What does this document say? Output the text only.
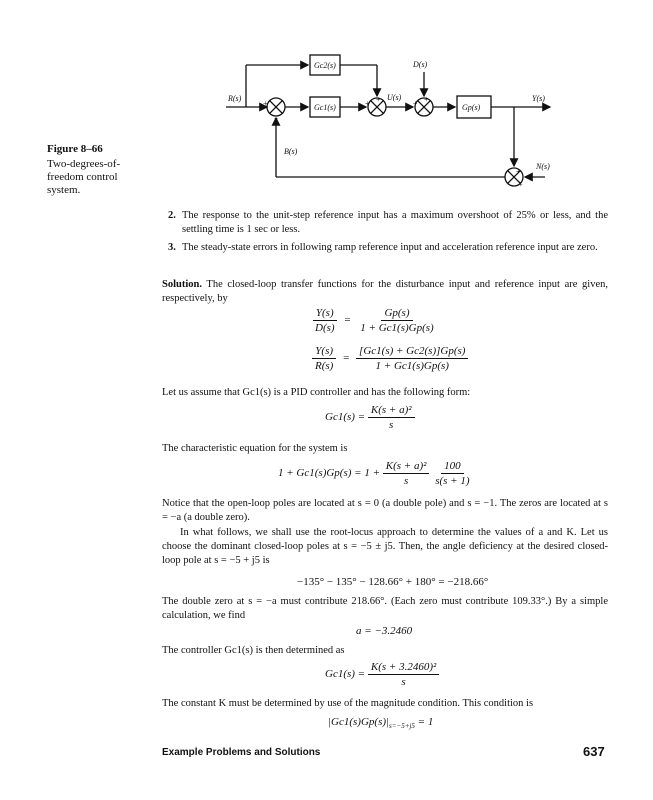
Figure 8–66
Two-degrees-of-freedom control system.
Gc2(s)
Gc1(s)	Gp(s)
R(s)
B(s)
U(s)
D(s)
Y(s)
N(s)
+
−
+ +	+ +
+
+
2. The response to the unit-step reference input has a maximum overshoot of 25% or less, and the settling time is 1 sec or less.
3. The steady-state errors in following ramp reference input and acceleration reference input are zero.
Solution. The closed-loop transfer functions for the disturbance input and reference input are given, respectively, by
$\frac{Y(s)}{D(s)} = \frac{Gp(s)}{1 + Gc1(s)Gp(s)}$
$\frac{Y(s)}{R(s)} = \frac{[Gc1(s) + Gc2(s)]Gp(s)}{1 + Gc1(s)Gp(s)}$
Let us assume that Gc1(s) is a PID controller and has the following form:
$Gc1(s) = \frac{\text{K(s + a)²}}{s}$
The characteristic equation for the system is
$1 + Gc1(s)Gp(s) = 1 + \frac{\text{K(s + a)²}}{s}$
$\frac{100}{s(s + 1)}$
Notice that the open-loop poles are located at s = 0 (a double pole) and s = −1. The zeros are located at s = −a (a double zero).
In what follows, we shall use the root-locus approach to determine the values of a and K. Let us choose the dominant closed-loop poles at s = −5 ± j5. Then, the angle deficiency at the desired closed-loop pole at s = −5 + j5 is
−135° − 135° − 128.66° + 180° = −218.66°
The double zero at s = −a must contribute 218.66°. (Each zero must contribute 109.33°.) By a simple calculation, we find
a = −3.2460
The controller Gc1(s) is then determined as
$Gc1(s) = \frac{\text{K(s + 3.2460)²}}{s}$
The constant K must be determined by use of the magnitude condition. This condition is
$|Gc1(s)Gp(s)|_{s=-5+j5} = 1$
Example Problems and Solutions	637
